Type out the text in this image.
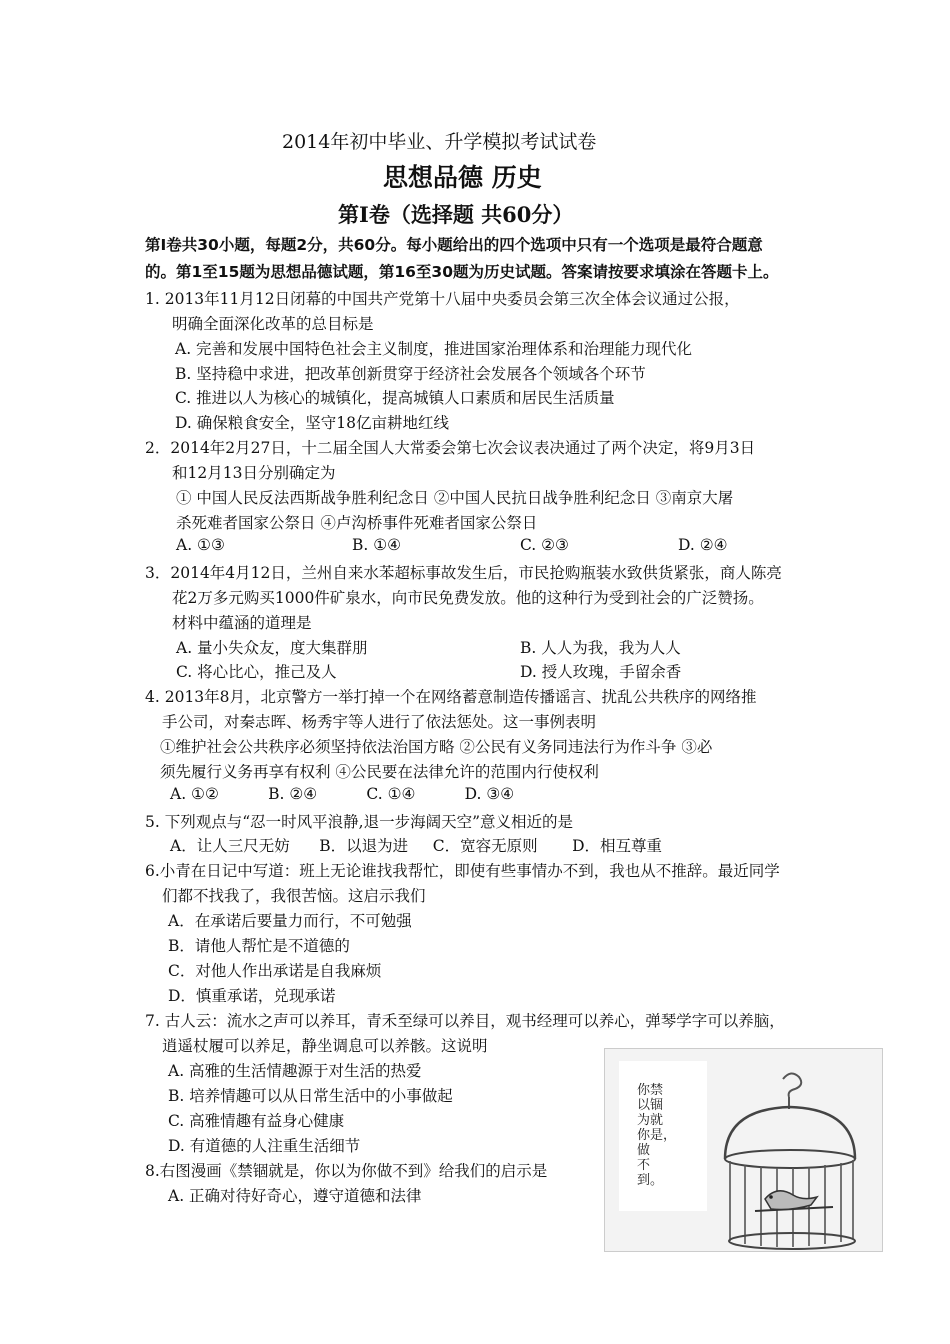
2014年初中毕业、升学模拟考试试卷
思想品德 历史
第Ⅰ卷（选择题 共60分）
第Ⅰ卷共30小题，每题2分，共60分。每小题给出的四个选项中只有一个选项是最符合题意
的。第1至15题为思想品德试题，第16至30题为历史试题。答案请按要求填涂在答题卡上。
1. 2013年11月12日闭幕的中国共产党第十八届中央委员会第三次全体会议通过公报，
明确全面深化改革的总目标是
A. 完善和发展中国特色社会主义制度，推进国家治理体系和治理能力现代化
B. 坚持稳中求进，把改革创新贯穿于经济社会发展各个领域各个环节
C. 推进以人为核心的城镇化，提高城镇人口素质和居民生活质量
D. 确保粮食安全，坚守18亿亩耕地红线
2．2014年2月27日，十二届全国人大常委会第七次会议表决通过了两个决定，将9月3日
和12月13日分别确定为
① 中国人民反法西斯战争胜利纪念日 ②中国人民抗日战争胜利纪念日 ③南京大屠
杀死难者国家公祭日 ④卢沟桥事件死难者国家公祭日
A. ①③	B. ①④	C. ②③	D. ②④
3．2014年4月12日，兰州自来水苯超标事故发生后，市民抢购瓶装水致供货紧张，商人陈亮
花2万多元购买1000件矿泉水，向市民免费发放。他的这种行为受到社会的广泛赞扬。
材料中蕴涵的道理是
A. 量小失众友，度大集群朋	B. 人人为我，我为人人
C. 将心比心，推己及人	D. 授人玫瑰，手留余香
4. 2013年8月，北京警方一举打掉一个在网络蓄意制造传播谣言、扰乱公共秩序的网络推
手公司，对秦志晖、杨秀宇等人进行了依法惩处。这一事例表明
①维护社会公共秩序必须坚持依法治国方略 ②公民有义务同违法行为作斗争 ③必
须先履行义务再享有权利 ④公民要在法律允许的范围内行使权利
A. ①②          B. ②④          C. ①④          D. ③④
5. 下列观点与“忍一时风平浪静,退一步海阔天空”意义相近的是
A．让人三尺无妨      B．以退为进     C．宽容无原则       D．相互尊重
6.小青在日记中写道：班上无论谁找我帮忙，即使有些事情办不到，我也从不推辞。最近同学
们都不找我了，我很苦恼。这启示我们
A．在承诺后要量力而行，不可勉强
B．请他人帮忙是不道德的
C．对他人作出承诺是自我麻烦
D．慎重承诺，兑现承诺
7. 古人云：流水之声可以养耳，青禾至绿可以养目，观书经理可以养心，弹琴学字可以养脑，
逍遥杖履可以养足，静坐调息可以养骸。这说明
A. 高雅的生活情趣源于对生活的热爱
B. 培养情趣可以从日常生活中的小事做起
C. 高雅情趣有益身心健康
D. 有道德的人注重生活细节
8.右图漫画《禁锢就是，你以为你做不到》给我们的启示是
A. 正确对待好奇心，遵守道德和法律
你禁
以锢
为就
你是，
做
不
到。
